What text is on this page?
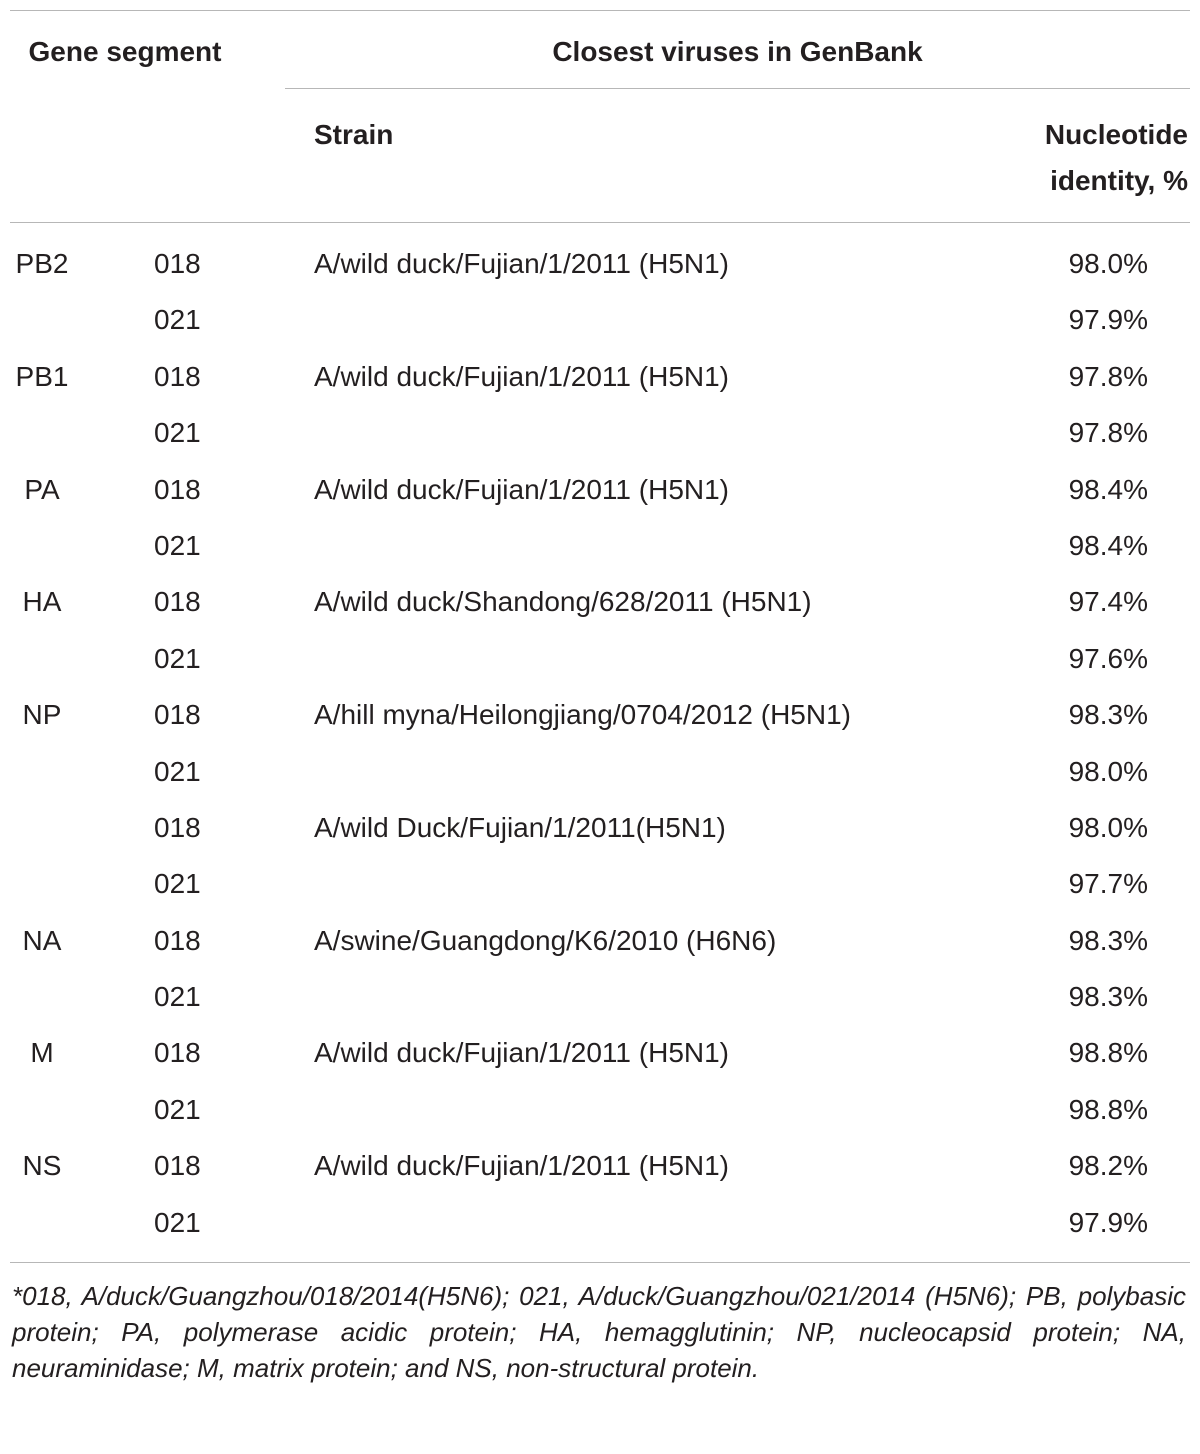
Gene segment	Closest viruses in GenBank
Strain	Nucleotide identity, %
PB2	018	A/wild duck/Fujian/1/2011 (H5N1)	98.0%
021	97.9%
PB1	018	A/wild duck/Fujian/1/2011 (H5N1)	97.8%
021	97.8%
PA	018	A/wild duck/Fujian/1/2011 (H5N1)	98.4%
021	98.4%
HA	018	A/wild duck/Shandong/628/2011 (H5N1)	97.4%
021	97.6%
NP	018	A/hill myna/Heilongjiang/0704/2012 (H5N1)	98.3%
021	98.0%
018	A/wild Duck/Fujian/1/2011(H5N1)	98.0%
021	97.7%
NA	018	A/swine/Guangdong/K6/2010 (H6N6)	98.3%
021	98.3%
M	018	A/wild duck/Fujian/1/2011 (H5N1)	98.8%
021	98.8%
NS	018	A/wild duck/Fujian/1/2011 (H5N1)	98.2%
021	97.9%
*018, A/duck/Guangzhou/018/2014(H5N6); 021, A/duck/Guangzhou/021/2014 (H5N6); PB, polybasic protein; PA, polymerase acidic protein; HA, hemagglutinin; NP, nucleocapsid protein; NA, neuraminidase; M, matrix protein; and NS, non-structural protein.
